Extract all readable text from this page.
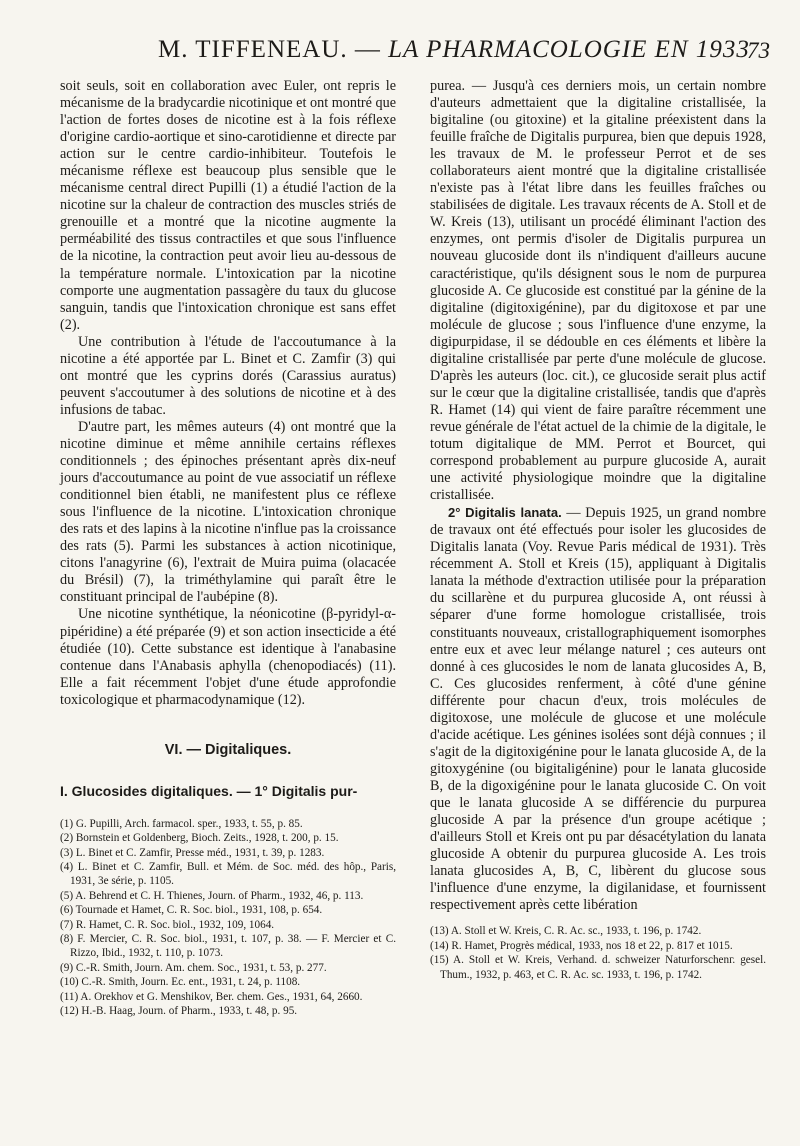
M. TIFFENEAU. — LA PHARMACOLOGIE EN 1933
73

soit seuls, soit en collaboration avec Euler, ont repris le mécanisme de la bradycardie nicotinique et ont montré que l'action de fortes doses de nicotine est à la fois réflexe d'origine cardio-aortique et sino-carotidienne et directe par action sur le centre cardio-inhibiteur. Toutefois le mécanisme réflexe est beaucoup plus sensible que le mécanisme central direct Pupilli (1) a étudié l'action de la nicotine sur la chaleur de contraction des muscles striés de grenouille et a montré que la nicotine augmente la perméabilité des tissus contractiles et que sous l'influence de la nicotine, la contraction peut avoir lieu au-dessous de la température normale. L'intoxication par la nicotine comporte une augmentation passagère du taux du glucose sanguin, tandis que l'intoxication chronique est sans effet (2).

Une contribution à l'étude de l'accoutumance à la nicotine a été apportée par L. Binet et C. Zamfir (3) qui ont montré que les cyprins dorés (Carassius auratus) peuvent s'accoutumer à des solutions de nicotine et à des infusions de tabac.

D'autre part, les mêmes auteurs (4) ont montré que la nicotine diminue et même annihile certains réflexes conditionnels ; des épinoches présentant après dix-neuf jours d'accoutumance au point de vue associatif un réflexe conditionnel bien établi, ne manifestent plus ce réflexe sous l'influence de la nicotine. L'intoxication chronique des rats et des lapins à la nicotine n'influe pas la croissance des rats (5). Parmi les substances à action nicotinique, citons l'anagyrine (6), l'extrait de Muira puima (olacacée du Brésil) (7), la triméthylamine qui paraît être le constituant principal de l'aubépine (8).

Une nicotine synthétique, la néonicotine (β-pyridyl-α-pipéridine) a été préparée (9) et son action insecticide a été étudiée (10). Cette substance est identique à l'anabasine contenue dans l'Anabasis aphylla (chenopodiacés) (11). Elle a fait récemment l'objet d'une étude approfondie toxicologique et pharmacodynamique (12).

VI. — Digitaliques.
I. Glucosides digitaliques. — 1° Digitalis pur-
(1) G. Pupilli, Arch. farmacol. sper., 1933, t. 55, p. 85.
(2) Bornstein et Goldenberg, Bioch. Zeits., 1928, t. 200, p. 15.
(3) L. Binet et C. Zamfir, Presse méd., 1931, t. 39, p. 1283.
(4) L. Binet et C. Zamfir, Bull. et Mém. de Soc. méd. des hôp., Paris, 1931, 3e série, p. 1105.
(5) A. Behrend et C. H. Thienes, Journ. of Pharm., 1932, 46, p. 113.
(6) Tournade et Hamet, C. R. Soc. biol., 1931, 108, p. 654.
(7) R. Hamet, C. R. Soc. biol., 1932, 109, 1064.
(8) F. Mercier, C. R. Soc. biol., 1931, t. 107, p. 38. — F. Mercier et C. Rizzo, Ibid., 1932, t. 110, p. 1073.
(9) C.-R. Smith, Journ. Am. chem. Soc., 1931, t. 53, p. 277.
(10) C.-R. Smith, Journ. Ec. ent., 1931, t. 24, p. 1108.
(11) A. Orekhov et G. Menshikov, Ber. chem. Ges., 1931, 64, 2660.
(12) H.-B. Haag, Journ. of Pharm., 1933, t. 48, p. 95.

purea. — Jusqu'à ces derniers mois, un certain nombre d'auteurs admettaient que la digitaline cristallisée, la bigitaline (ou gitoxine) et la gitaline préexistent dans la feuille fraîche de Digitalis purpurea, bien que depuis 1928, les travaux de M. le professeur Perrot et de ses collaborateurs aient montré que la digitaline cristallisée n'existe pas à l'état libre dans les feuilles fraîches ou stabilisées de digitale. Les travaux récents de A. Stoll et de W. Kreis (13), utilisant un procédé éliminant l'action des enzymes, ont permis d'isoler de Digitalis purpurea un nouveau glucoside dont ils n'indiquent d'ailleurs aucune caractéristique, qu'ils désignent sous le nom de purpurea glucoside A. Ce glucoside est constitué par la génine de la digitaline (digitoxigénine), par du digitoxose et par une molécule de glucose ; sous l'influence d'une enzyme, la digipurpidase, il se dédouble en ces éléments et libère la digitaline cristallisée par perte d'une molécule de glucose. D'après les auteurs (loc. cit.), ce glucoside serait plus actif sur le cœur que la digitaline cristallisée, tandis que d'après R. Hamet (14) qui vient de faire paraître récemment une revue générale de l'état actuel de la chimie de la digitale, le totum digitalique de MM. Perrot et Bourcet, qui correspond probablement au purpure glucoside A, aurait une activité physiologique moindre que la digitaline cristallisée.

2° Digitalis lanata. — Depuis 1925, un grand nombre de travaux ont été effectués pour isoler les glucosides de Digitalis lanata (Voy. Revue Paris médical de 1931). Très récemment A. Stoll et Kreis (15), appliquant à Digitalis lanata la méthode d'extraction utilisée pour la préparation du scillarène et du purpurea glucoside A, ont réussi à séparer d'une forme homologue cristallisée, trois constituants nouveaux, cristallographiquement isomorphes entre eux et avec leur mélange naturel ; ces auteurs ont donné à ces glucosides le nom de lanata glucosides A, B, C. Ces glucosides renferment, à côté d'une génine différente pour chacun d'eux, trois molécules de digitoxose, une molécule de glucose et une molécule d'acide acétique. Les génines isolées sont déjà connues ; il s'agit de la digitoxigénine pour le lanata glucoside A, de la gitoxygénine (ou bigitaligénine) pour le lanata glucoside B, de la digoxigénine pour le lanata glucoside C. On voit que le lanata glucoside A se différencie du purpurea glucoside A par la présence d'un groupe acétique ; d'ailleurs Stoll et Kreis ont pu par désacétylation du lanata glucoside A obtenir du purpurea glucoside A. Les trois lanata glucosides A, B, C, libèrent du glucose sous l'influence d'une enzyme, la digilanidase, et fournissent respectivement après cette libération

(13) A. Stoll et W. Kreis, C. R. Ac. sc., 1933, t. 196, p. 1742.
(14) R. Hamet, Progrès médical, 1933, nos 18 et 22, p. 817 et 1015.
(15) A. Stoll et W. Kreis, Verhand. d. schweizer Naturforschenг. gesel. Thum., 1932, p. 463, et C. R. Ac. sc. 1933, t. 196, p. 1742.
